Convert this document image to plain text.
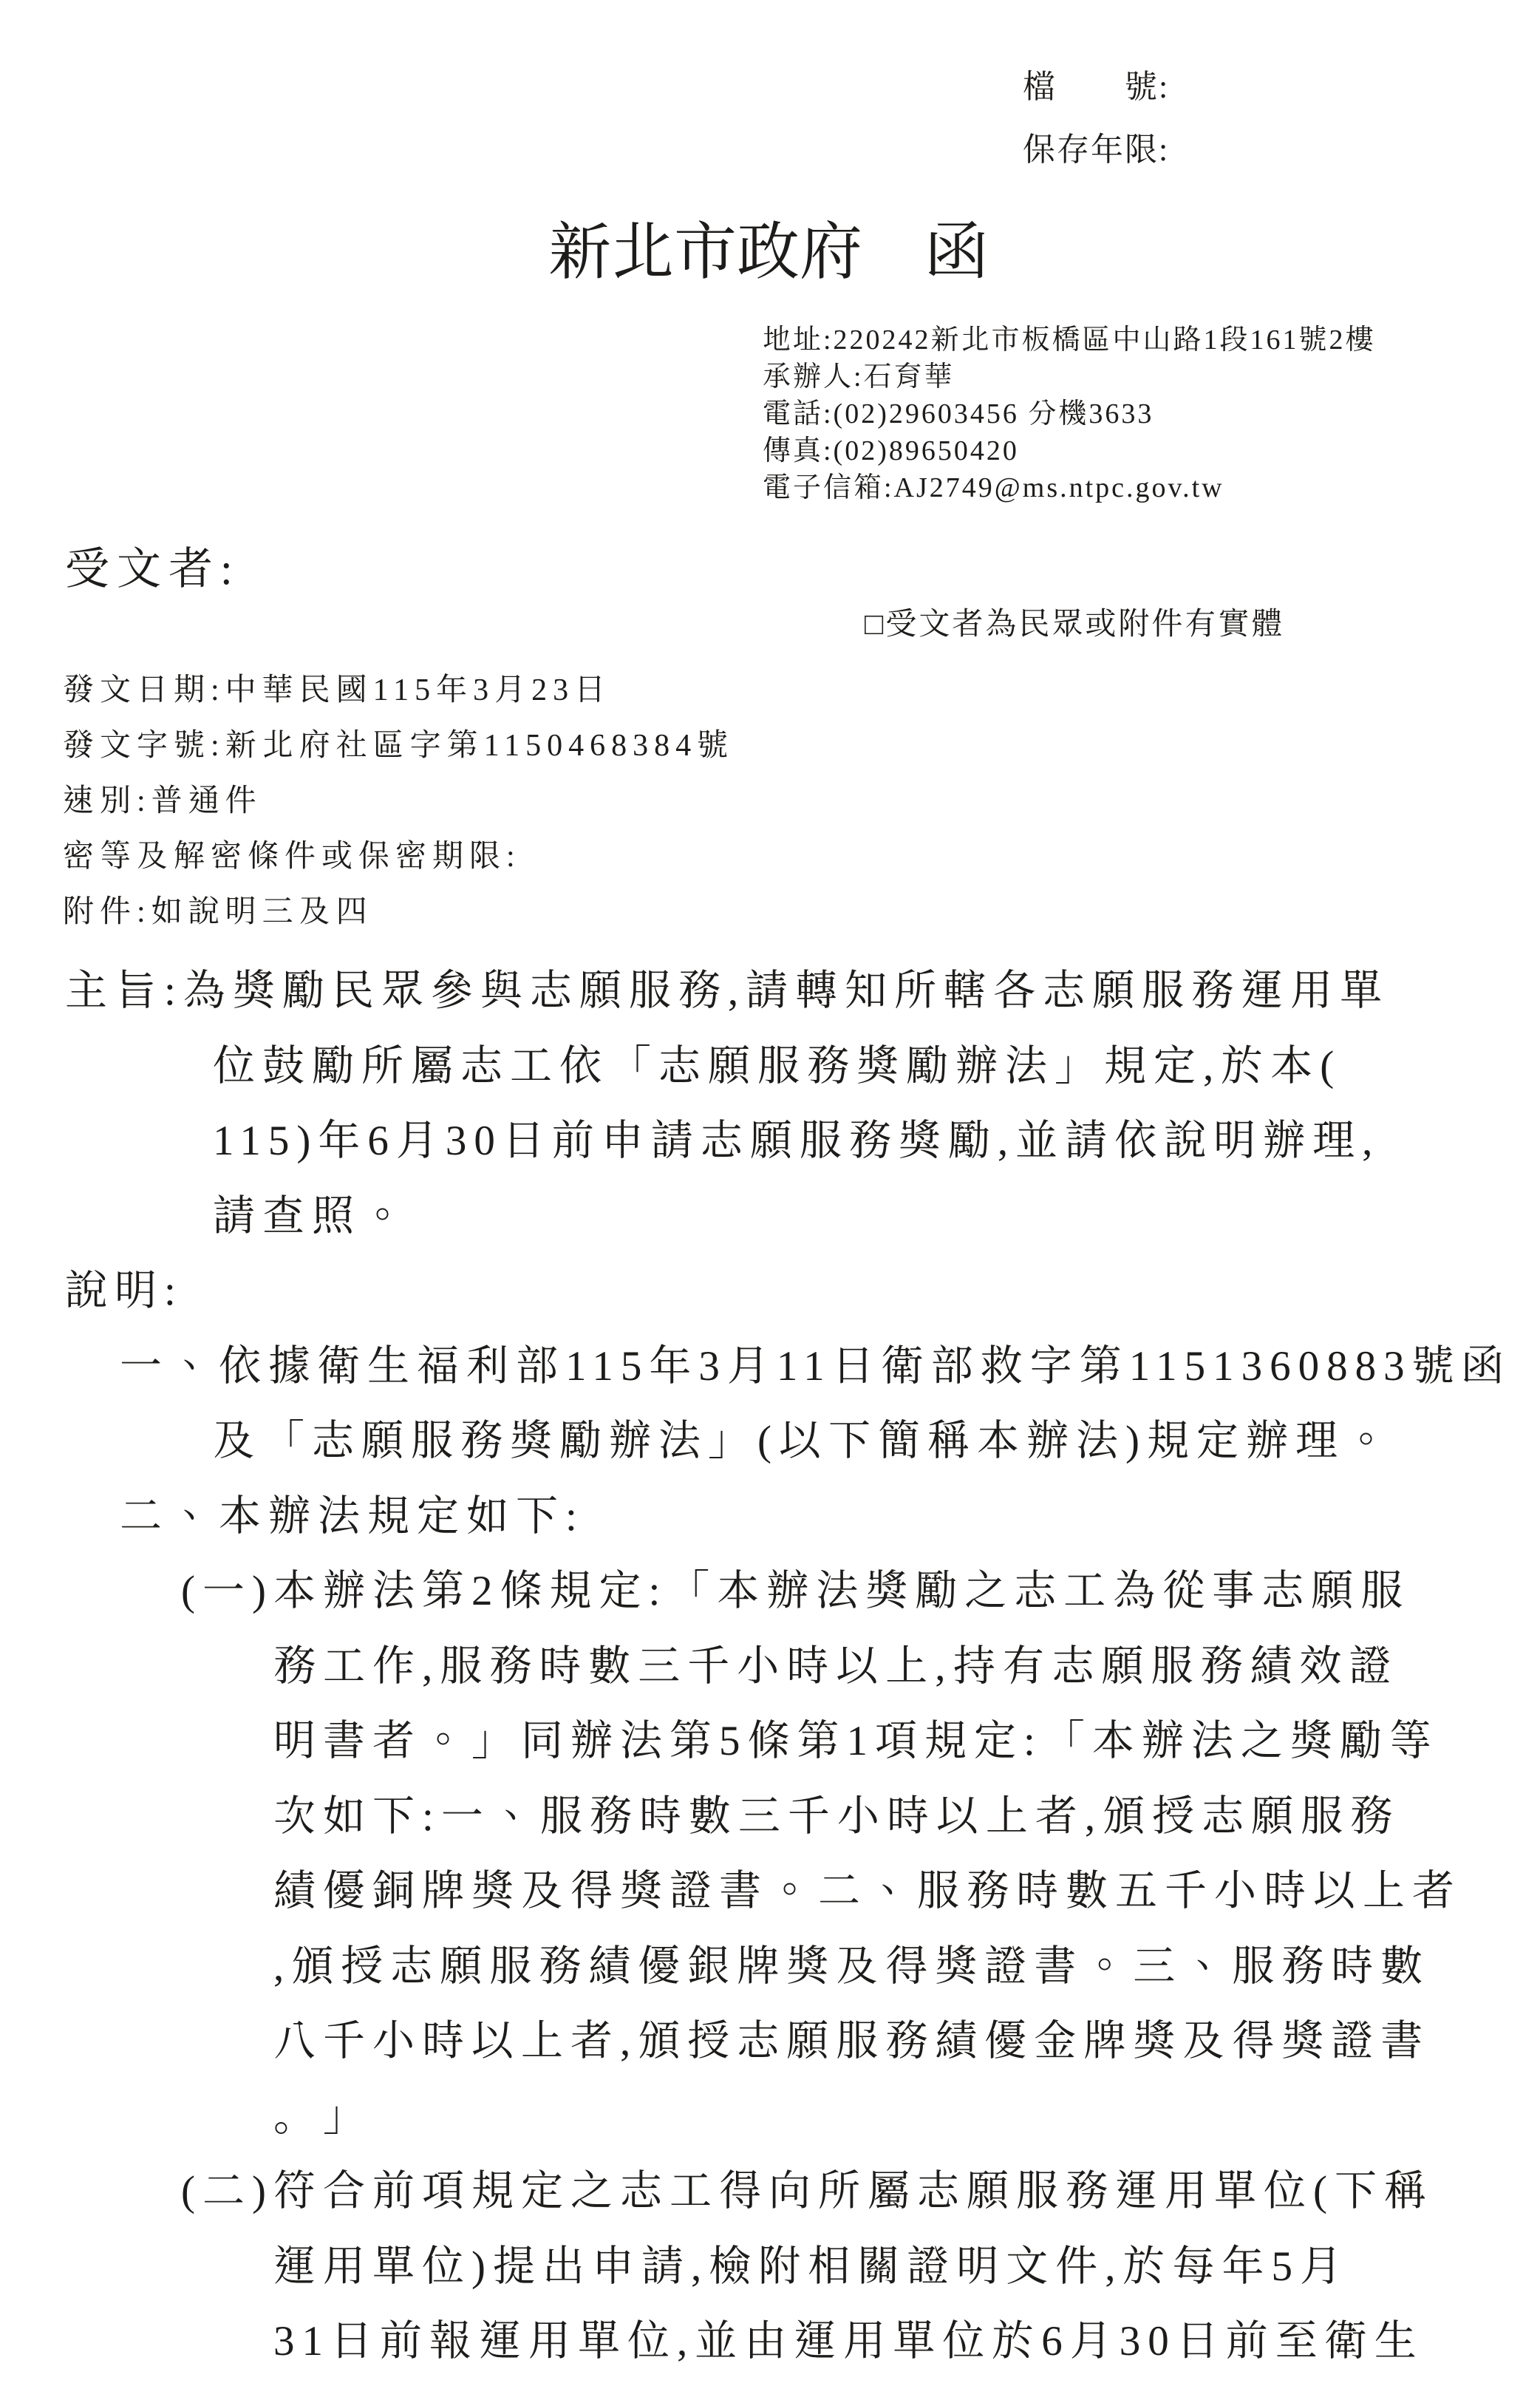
檔　　號:
保存年限:
新北市政府　函
地址:220242新北市板橋區中山路1段161號2樓
承辦人:石育華
電話:(02)29603456 分機3633
傳真:(02)89650420
電子信箱:AJ2749@ms.ntpc.gov.tw
受文者:
□受文者為民眾或附件有實體
發文日期:中華民國115年3月23日
發文字號:新北府社區字第1150468384號
速別:普通件
密等及解密條件或保密期限:
附件:如說明三及四
主旨:為獎勵民眾參與志願服務,請轉知所轄各志願服務運用單
位鼓勵所屬志工依「志願服務獎勵辦法」規定,於本(
115)年6月30日前申請志願服務獎勵,並請依說明辦理,
請查照。
說明:
一、依據衛生福利部115年3月11日衛部救字第1151360883號函
及「志願服務獎勵辦法」(以下簡稱本辦法)規定辦理。
二、本辦法規定如下:
(一)本辦法第2條規定:「本辦法獎勵之志工為從事志願服
務工作,服務時數三千小時以上,持有志願服務績效證
明書者。」同辦法第5條第1項規定:「本辦法之獎勵等
次如下:一、服務時數三千小時以上者,頒授志願服務
績優銅牌獎及得獎證書。二、服務時數五千小時以上者
,頒授志願服務績優銀牌獎及得獎證書。三、服務時數
八千小時以上者,頒授志願服務績優金牌獎及得獎證書
。」
(二)符合前項規定之志工得向所屬志願服務運用單位(下稱
運用單位)提出申請,檢附相關證明文件,於每年5月
31日前報運用單位,並由運用單位於6月30日前至衛生
